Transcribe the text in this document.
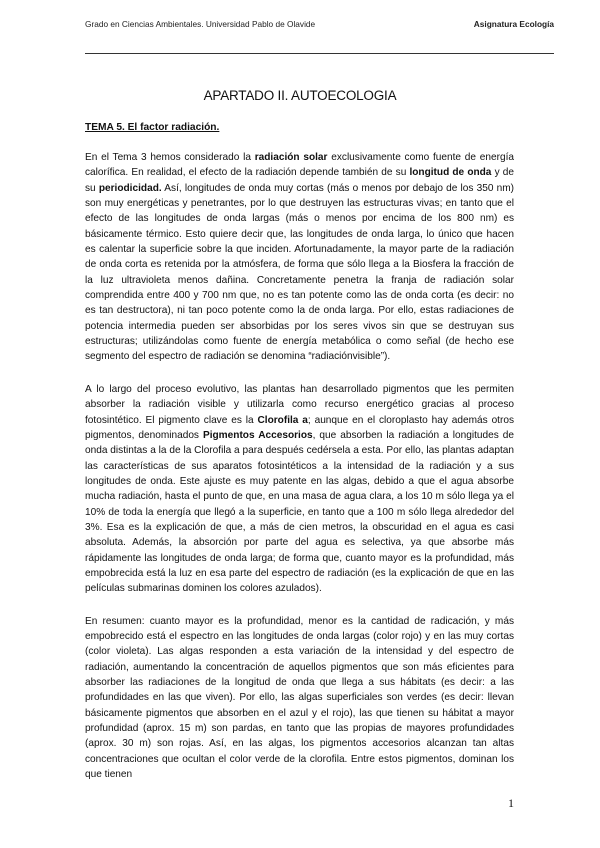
Grado en Ciencias Ambientales. Universidad Pablo de Olavide	Asignatura Ecología
APARTADO II. AUTOECOLOGIA
TEMA 5. El factor radiación.

En el Tema 3 hemos considerado la radiación solar exclusivamente como fuente de energía calorífica. En realidad, el efecto de la radiación depende también de su longitud de onda y de su periodicidad. Así, longitudes de onda muy cortas (más o menos por debajo de los 350 nm) son muy energéticas y penetrantes, por lo que destruyen las estructuras vivas; en tanto que el efecto de las longitudes de onda largas (más o menos por encima de los 800 nm) es básicamente térmico. Esto quiere decir que, las longitudes de onda larga, lo único que hacen es calentar la superficie sobre la que inciden. Afortunadamente, la mayor parte de la radiación de onda corta es retenida por la atmósfera, de forma que sólo llega a la Biosfera la fracción de la luz ultravioleta menos dañina. Concretamente penetra la franja de radiación solar comprendida entre 400 y 700 nm que, no es tan potente como las de onda corta (es decir: no es tan destructora), ni tan poco potente como la de onda larga. Por ello, estas radiaciones de potencia intermedia pueden ser absorbidas por los seres vivos sin que se destruyan sus estructuras; utilizándolas como fuente de energía metabólica o como señal (de hecho ese segmento del espectro de radiación se denomina “radiaciónvisible”).

A lo largo del proceso evolutivo, las plantas han desarrollado pigmentos que les permiten absorber la radiación visible y utilizarla como recurso energético gracias al proceso fotosintético. El pigmento clave es la Clorofila a; aunque en el cloroplasto hay además otros pigmentos, denominados Pigmentos Accesorios, que absorben la radiación a longitudes de onda distintas a la de la Clorofila a para después cedérsela a esta. Por ello, las plantas adaptan las características de sus aparatos fotosintéticos a la intensidad de la radiación y a sus longitudes de onda. Este ajuste es muy patente en las algas, debido a que el agua absorbe mucha radiación, hasta el punto de que, en una masa de agua clara, a los 10 m sólo llega ya el 10% de toda la energía que llegó a la superficie, en tanto que a 100 m sólo llega alrededor del 3%. Esa es la explicación de que, a más de cien metros, la obscuridad en el agua es casi absoluta. Además, la absorción por parte del agua es selectiva, ya que absorbe más rápidamente las longitudes de onda larga; de forma que, cuanto mayor es la profundidad, más empobrecida está la luz en esa parte del espectro de radiación (es la explicación de que en las películas submarinas dominen los colores azulados).

En resumen: cuanto mayor es la profundidad, menor es la cantidad de radicación, y más empobrecido está el espectro en las longitudes de onda largas (color rojo) y en las muy cortas (color violeta). Las algas responden a esta variación de la intensidad y del espectro de radiación, aumentando la concentración de aquellos pigmentos que son más eficientes para absorber las radiaciones de la longitud de onda que llega a sus hábitats (es decir: a las profundidades en las que viven). Por ello, las algas superficiales son verdes (es decir: llevan básicamente pigmentos que absorben en el azul y el rojo), las que tienen su hábitat a mayor profundidad (aprox. 15 m) son pardas, en tanto que las propias de mayores profundidades (aprox. 30 m) son rojas. Así, en las algas, los pigmentos accesorios alcanzan tan altas concentraciones que ocultan el color verde de la clorofila. Entre estos pigmentos, dominan los que tienen

1
